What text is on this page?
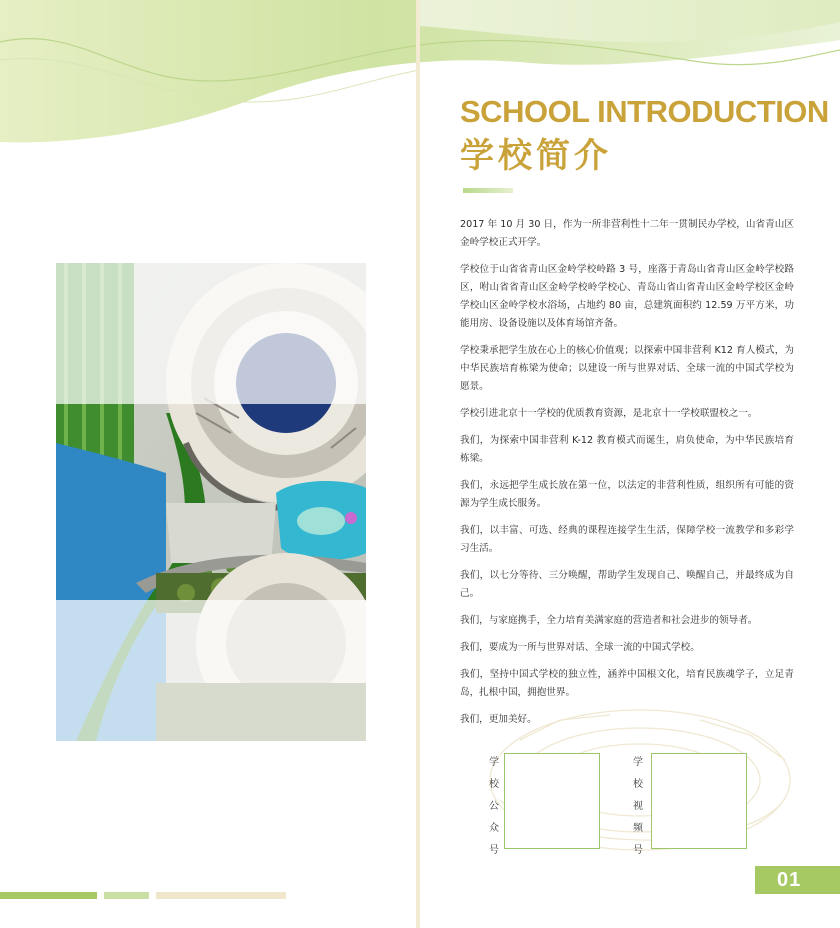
SCHOOL INTRODUCTION
学校简介

2017 年 10 月 30 日，作为一所非营利性十二年一贯制民办学校，山省青山区金岭学校正式开学。

学校位于山省省青山区金岭学校岭路 3 号，座落于青岛山省青山区金岭学校路区，咐山省省青山区金岭学校岭学校心、青岛山省山省青山区金岭学校区金岭学校山区金岭学校水浴场，占地约 80 亩，总建筑面积约 12.59 万平方米，功能用房、设备设施以及体育场馆齐备。

学校秉承把学生放在心上的核心价值观；以探索中国非营利 K12 育人模式，为中华民族培育栋梁为使命；以建设一所与世界对话、全球一流的中国式学校为愿景。

学校引进北京十一学校的优质教育资源，是北京十一学校联盟校之一。

我们，为探索中国非营利 K-12 教育模式而诞生，肩负使命，为中华民族培育栋梁。

我们，永远把学生成长放在第一位，以法定的非营利性质，组织所有可能的资源为学生成长服务。

我们，以丰富、可选、经典的课程连接学生生活，保障学校一流教学和多彩学习生活。

我们，以七分等待、三分唤醒，帮助学生发现自己、唤醒自己，并最终成为自己。

我们，与家庭携手，全力培育美满家庭的营造者和社会进步的领导者。

我们，要成为一所与世界对话、全球一流的中国式学校。

我们，坚持中国式学校的独立性，涵养中国根文化，培育民族魂学子，立足青岛，扎根中国，拥抱世界。

我们，更加美好。

学校公众号
学校视频号
01
